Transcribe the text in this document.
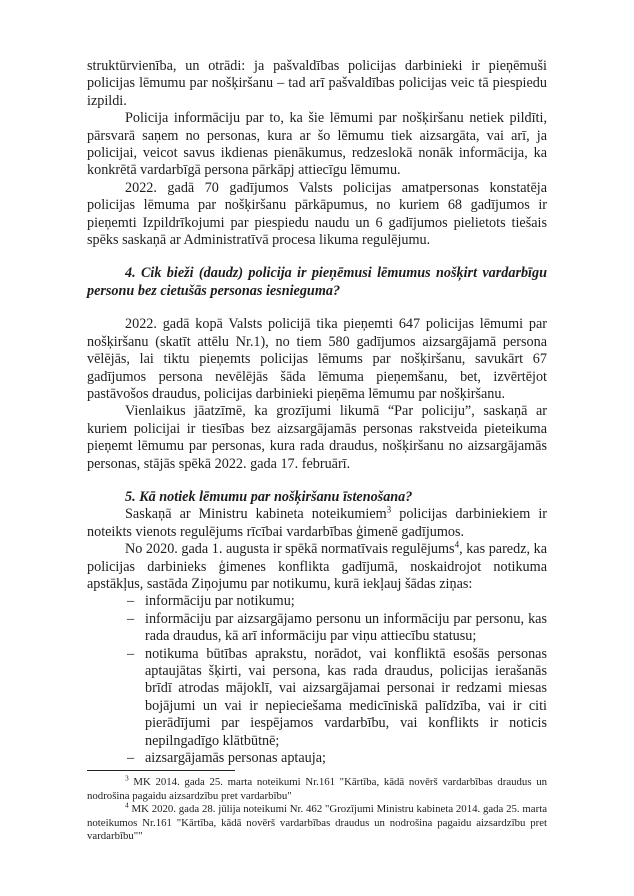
struktūrvienība, un otrādi: ja pašvaldības policijas darbinieki ir pieņēmuši policijas lēmumu par nošķiršanu – tad arī pašvaldības policijas veic tā piespiedu izpildi.

Policija informāciju par to, ka šie lēmumi par nošķiršanu netiek pildīti, pārsvarā saņem no personas, kura ar šo lēmumu tiek aizsargāta, vai arī, ja policijai, veicot savus ikdienas pienākumus, redzeslokā nonāk informācija, ka konkrētā vardarbīgā persona pārkāpj attiecīgu lēmumu.

2022. gadā 70 gadījumos Valsts policijas amatpersonas konstatēja policijas lēmuma par nošķiršanu pārkāpumus, no kuriem 68 gadījumos ir pieņemti Izpildrīkojumi par piespiedu naudu un 6 gadījumos pielietots tiešais spēks saskaņā ar Administratīvā procesa likuma regulējumu.

4. Cik bieži (daudz) policija ir pieņēmusi lēmumus nošķirt vardarbīgu personu bez cietušās personas iesnieguma?

2022. gadā kopā Valsts policijā tika pieņemti 647 policijas lēmumi par nošķiršanu (skatīt attēlu Nr.1), no tiem 580 gadījumos aizsargājamā persona vēlējās, lai tiktu pieņemts policijas lēmums par nošķiršanu, savukārt 67 gadījumos persona nevēlējās šāda lēmuma pieņemšanu, bet, izvērtējot pastāvošos draudus, policijas darbinieki pieņēma lēmumu par nošķiršanu.

Vienlaikus jāatzīmē, ka grozījumi likumā “Par policiju”, saskaņā ar kuriem policijai ir tiesības bez aizsargājamās personas rakstveida pieteikuma pieņemt lēmumu par personas, kura rada draudus, nošķiršanu no aizsargājamās personas, stājās spēkā 2022. gada 17. februārī.

5. Kā notiek lēmumu par nošķiršanu īstenošana?

Saskaņā ar Ministru kabineta noteikumiem$^3$ policijas darbiniekiem ir noteikts vienots regulējums rīcībai vardarbības ģimenē gadījumos.

No 2020. gada 1. augusta ir spēkā normatīvais regulējums$^4$, kas paredz, ka policijas darbinieks ģimenes konflikta gadījumā, noskaidrojot notikuma apstākļus, sastāda Ziņojumu par notikumu, kurā iekļauj šādas ziņas:

– informāciju par notikumu;
– informāciju par aizsargājamo personu un informāciju par personu, kas rada draudus, kā arī informāciju par viņu attiecību statusu;
– notikuma būtības aprakstu, norādot, vai konfliktā esošās personas aptaujātas šķirti, vai persona, kas rada draudus, policijas ierašanās brīdī atrodas mājoklī, vai aizsargājamai personai ir redzami miesas bojājumi un vai ir nepieciešama medicīniskā palīdzība, vai ir citi pierādījumi par iespējamos vardarbību, vai konflikts ir noticis nepilngadīgo klātbūtnē;
– aizsargājamās personas aptauja;

$^3$ MK 2014. gada 25. marta noteikumi Nr.161 "Kārtība, kādā novērš vardarbības draudus un nodrošina pagaidu aizsardzību pret vardarbību"

$^4$ MK 2020. gada 28. jūlija noteikumi Nr. 462 "Grozījumi Ministru kabineta 2014. gada 25. marta noteikumos Nr.161 "Kārtība, kādā novērš vardarbības draudus un nodrošina pagaidu aizsardzību pret vardarbību""
